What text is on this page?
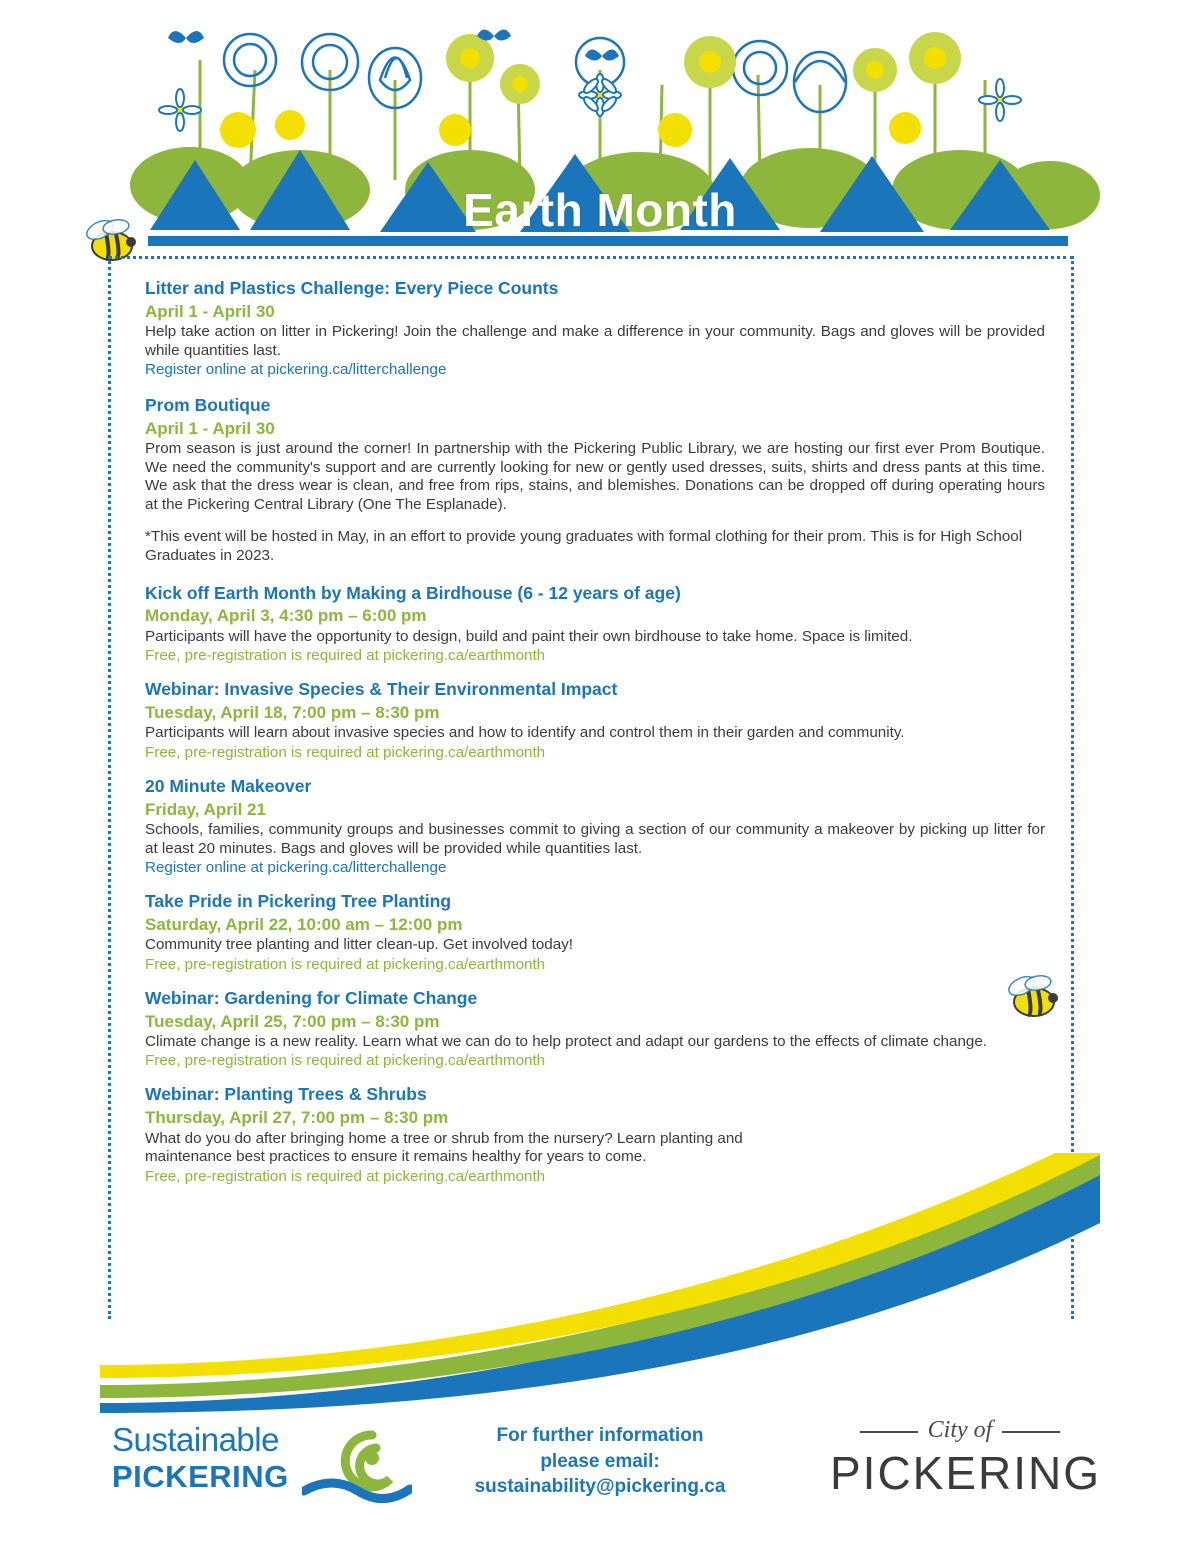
Earth Month
Litter and Plastics Challenge: Every Piece Counts
April 1 - April 30
Help take action on litter in Pickering! Join the challenge and make a difference in your community. Bags and gloves will be provided while quantities last.
Register online at pickering.ca/litterchallenge
Prom Boutique
April 1 - April 30
Prom season is just around the corner! In partnership with the Pickering Public Library, we are hosting our first ever Prom Boutique. We need the community's support and are currently looking for new or gently used dresses, suits, shirts and dress pants at this time. We ask that the dress wear is clean, and free from rips, stains, and blemishes. Donations can be dropped off during operating hours at the Pickering Central Library (One The Esplanade).
*This event will be hosted in May, in an effort to provide young graduates with formal clothing for their prom. This is for High School Graduates in 2023.
Kick off Earth Month by Making a Birdhouse (6 - 12 years of age)
Monday, April 3, 4:30 pm – 6:00 pm
Participants will have the opportunity to design, build and paint their own birdhouse to take home. Space is limited.
Free, pre-registration is required at pickering.ca/earthmonth
Webinar: Invasive Species & Their Environmental Impact
Tuesday, April 18, 7:00 pm – 8:30 pm
Participants will learn about invasive species and how to identify and control them in their garden and community.
Free, pre-registration is required at pickering.ca/earthmonth
20 Minute Makeover
Friday, April 21
Schools, families, community groups and businesses commit to giving a section of our community a makeover by picking up litter for at least 20 minutes. Bags and gloves will be provided while quantities last.
Register online at pickering.ca/litterchallenge
Take Pride in Pickering Tree Planting
Saturday, April 22, 10:00 am – 12:00 pm
Community tree planting and litter clean-up. Get involved today!
Free, pre-registration is required at pickering.ca/earthmonth
Webinar: Gardening for Climate Change
Tuesday, April 25, 7:00 pm – 8:30 pm
Climate change is a new reality. Learn what we can do to help protect and adapt our gardens to the effects of climate change.
Free, pre-registration is required at pickering.ca/earthmonth
Webinar: Planting Trees & Shrubs
Thursday, April 27, 7:00 pm – 8:30 pm
What do you do after bringing home a tree or shrub from the nursery? Learn planting and maintenance best practices to ensure it remains healthy for years to come.
Free, pre-registration is required at pickering.ca/earthmonth
Sustainable
PICKERING
For further information
please email:
sustainability@pickering.ca
City of
PICKERING
